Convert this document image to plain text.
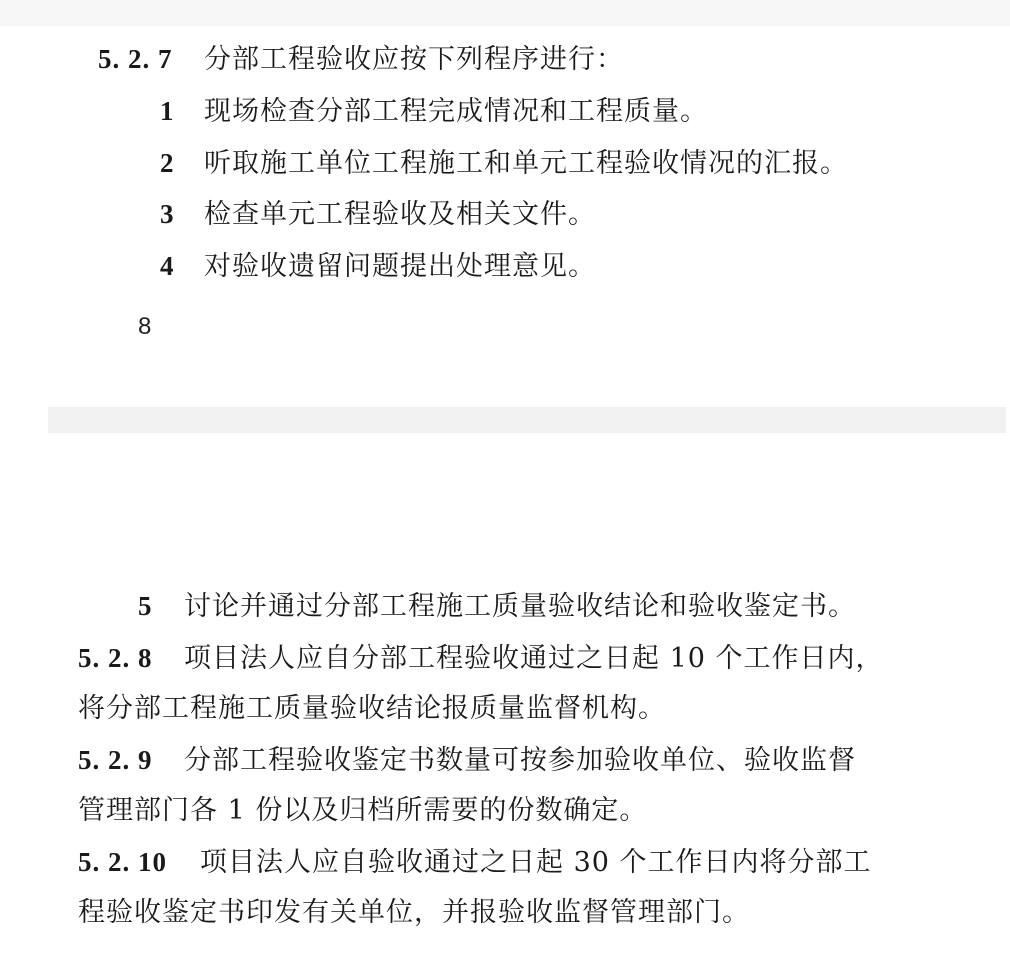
5. 2. 7 分部工程验收应按下列程序进行：
1 现场检查分部工程完成情况和工程质量。
2 听取施工单位工程施工和单元工程验收情况的汇报。
3 检查单元工程验收及相关文件。
4 对验收遗留问题提出处理意见。
8
5 讨论并通过分部工程施工质量验收结论和验收鉴定书。
5. 2. 8 项目法人应自分部工程验收通过之日起 10 个工作日内，
将分部工程施工质量验收结论报质量监督机构。
5. 2. 9 分部工程验收鉴定书数量可按参加验收单位、验收监督
管理部门各 1 份以及归档所需要的份数确定。
5. 2. 10 项目法人应自验收通过之日起 30 个工作日内将分部工
程验收鉴定书印发有关单位，并报验收监督管理部门。
